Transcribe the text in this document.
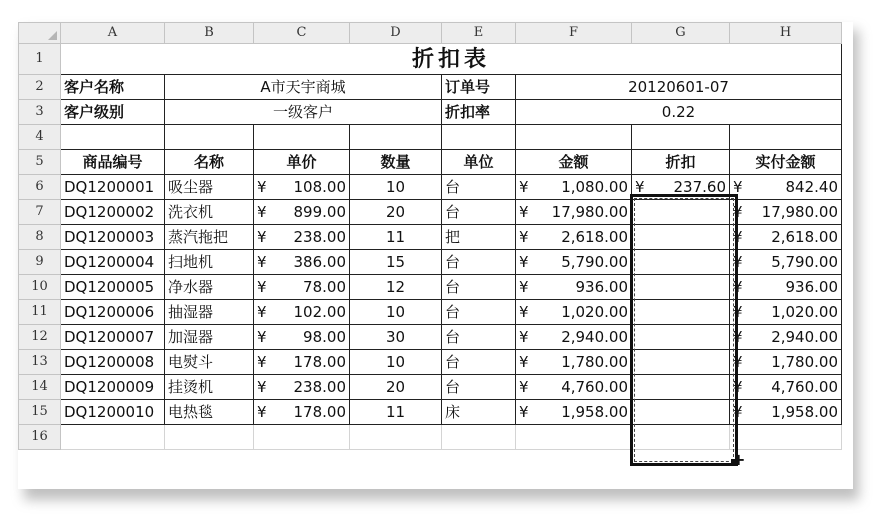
	A	B	C	D	E	F	G	H
1	折扣表							
2	客户名称	A市天宇商城			订单号	20120601-07		
3	客户级别	一级客户			折扣率	0.22		
4								
5	商品编号	名称	单价	数量	单位	金额	折扣	实付金额
6	DQ1200001	吸尘器	¥ 108.00	10	台	¥ 1,080.00	¥ 237.60	¥ 842.40

7	DQ1200002	洗衣机	¥ 899.00	20	台	¥ 17,980.00		¥ 17,980.00

8	DQ1200003	蒸汽拖把	¥ 238.00	11	把	¥ 2,618.00		¥ 2,618.00

9	DQ1200004	扫地机	¥ 386.00	15	台	¥ 5,790.00		¥ 5,790.00

10	DQ1200005	净水器	¥ 78.00	12	台	¥ 936.00		¥ 936.00

11	DQ1200006	抽湿器	¥ 102.00	10	台	¥ 1,020.00		¥ 1,020.00

12	DQ1200007	加湿器	¥ 98.00	30	台	¥ 2,940.00		¥ 2,940.00

13	DQ1200008	电熨斗	¥ 178.00	10	台	¥ 1,780.00		¥ 1,780.00

14	DQ1200009	挂烫机	¥ 238.00	20	台	¥ 4,760.00		¥ 4,760.00

15	DQ1200010	电热毯	¥ 178.00	11	床	¥ 1,958.00		¥ 1,958.00

16								
+
